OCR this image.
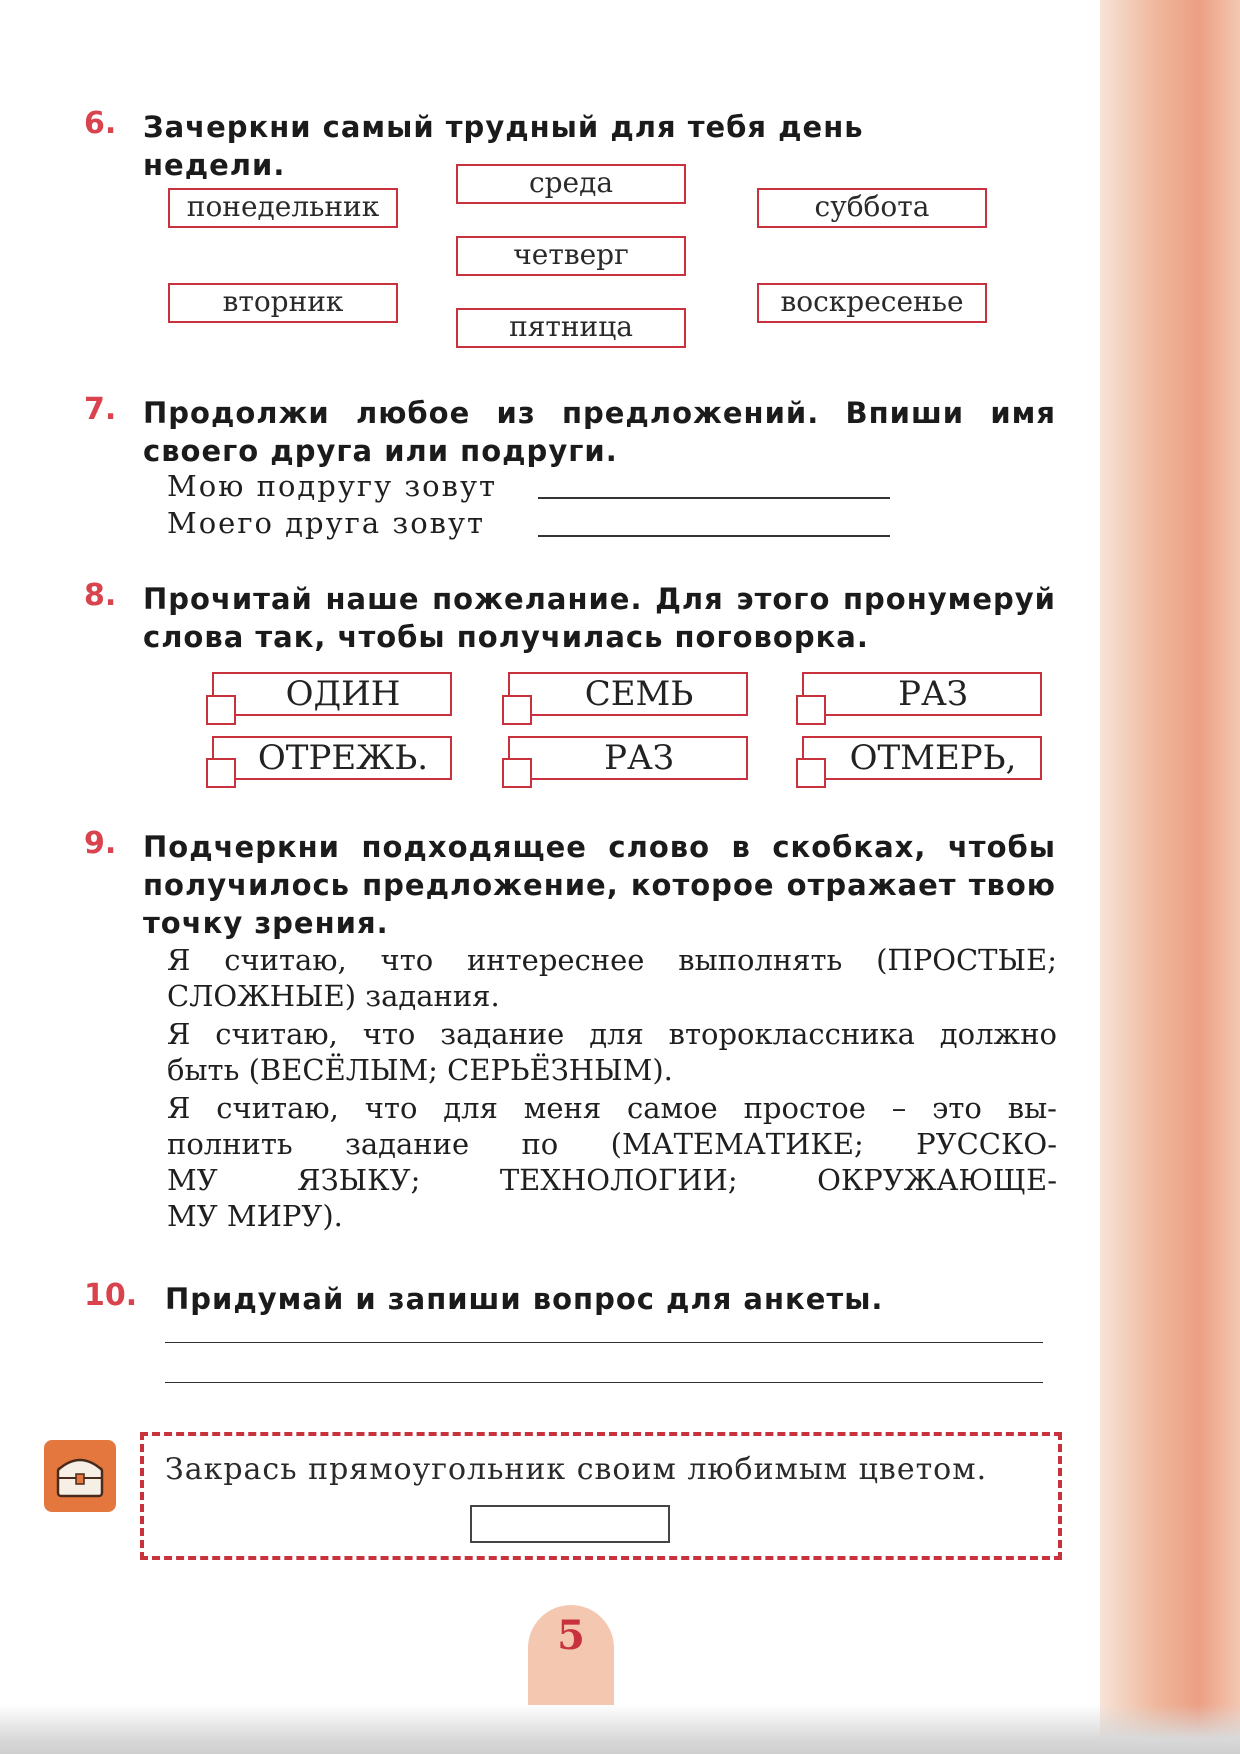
6. Зачеркни самый трудный для тебя день недели.
понедельник
вторник
среда
четверг
пятница
суббота
воскресенье
7. Продолжи любое из предложений. Впиши имя
своего друга или подруги.
Мою подругу зовут
Моего друга зовут
8. Прочитай наше пожелание. Для этого пронумеруй
слова так, чтобы получилась поговорка.
ОДИН	СЕМЬ	РАЗ
ОТРЕЖЬ.	РАЗ	ОТМЕРЬ,
9. Подчеркни подходящее слово в скобках, чтобы
получилось предложение, которое отражает твою
точку зрения.
Я считаю, что интереснее выполнять (ПРОСТЫЕ;
СЛОЖНЫЕ) задания.
Я считаю, что задание для второклассника должно
быть (ВЕСЁЛЫМ; СЕРЬЁЗНЫМ).
Я считаю, что для меня самое простое – это вы-
полнить задание по (МАТЕМАТИКЕ; РУССКО-
МУ ЯЗЫКУ; ТЕХНОЛОГИИ; ОКРУЖАЮЩЕ-
МУ МИРУ).
10. Придумай и запиши вопрос для анкеты.
Закрась прямоугольник своим любимым цветом.
5
